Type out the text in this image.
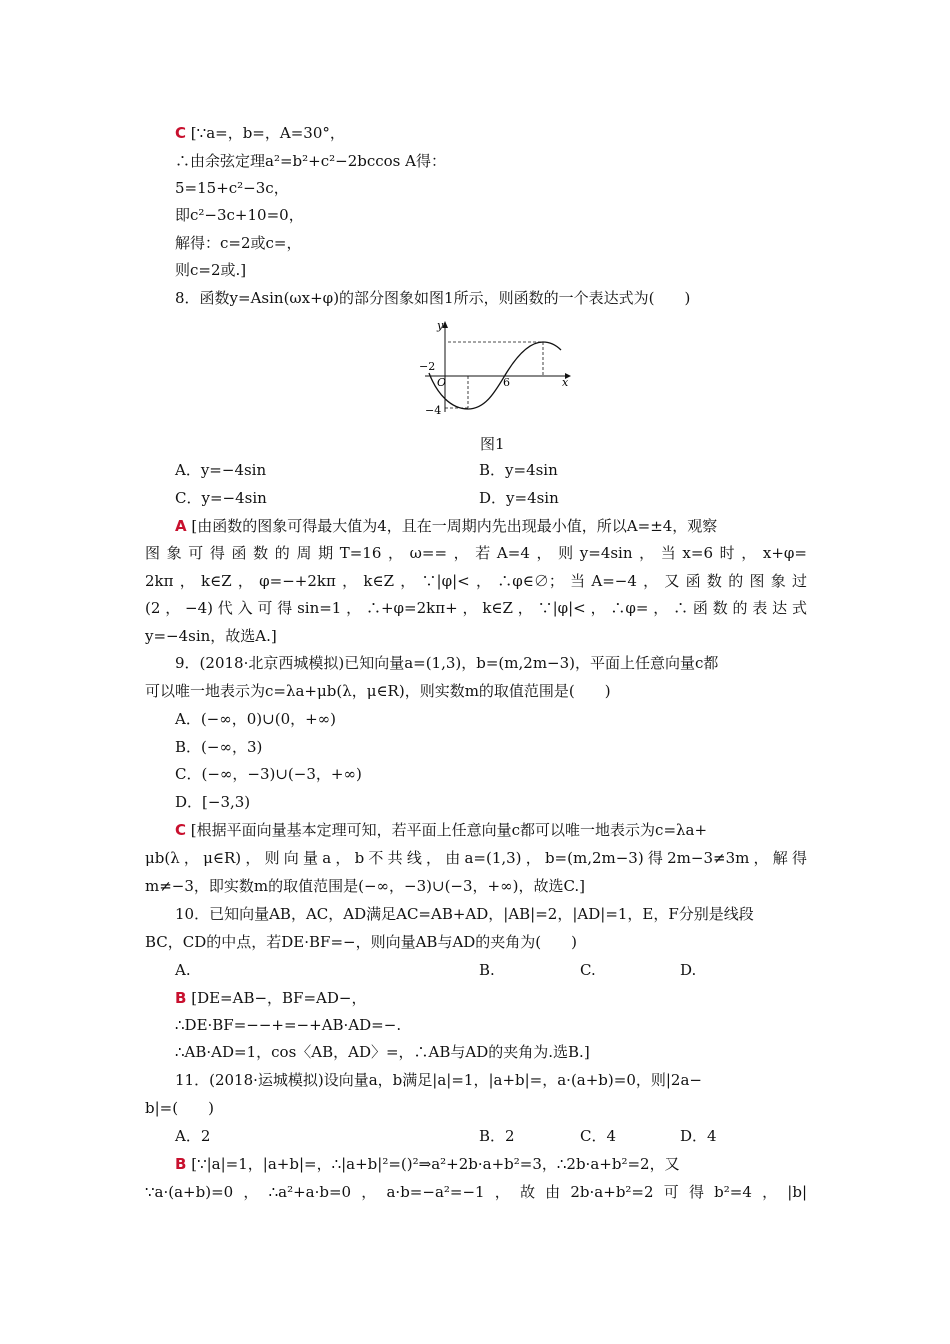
C [∵a=，b=，A=30°，
∴由余弦定理a²=b²+c²−2bccos A得：
5=15+c²−3c，
即c²−3c+10=0，
解得：c=2或c=，
则c=2或.]
8．函数y=Asin(ωx+φ)的部分图象如图1所示，则函数的一个表达式为(　　)
y
x
O
−2
6
−4
图1
A．y=−4sin	B．y=4sin
C．y=−4sin	D．y=4sin
A [由函数的图象可得最大值为4，且在一周期内先出现最小值，所以A=±4，观察
图象可得函数的周期T=16，ω==，若A=4，则y=4sin，当x=6时，x+φ=
2kπ，k∈Z，φ=−+2kπ，k∈Z，∵|φ|<，∴φ∈∅；当A=−4，又函数的图象过
(2，−4)代入可得sin=1，∴+φ=2kπ+，k∈Z，∵|φ|<，∴φ=，∴函数的表达式
y=−4sin，故选A.]
9．(2018·北京西城模拟)已知向量a=(1,3)，b=(m,2m−3)，平面上任意向量c都
可以唯一地表示为c=λa+μb(λ，μ∈R)，则实数m的取值范围是(　　)
A．(−∞，0)∪(0，+∞)
B．(−∞，3)
C．(−∞，−3)∪(−3，+∞)
D．[−3,3)
C [根据平面向量基本定理可知，若平面上任意向量c都可以唯一地表示为c=λa+
μb(λ，μ∈R)，则向量a，b不共线，由a=(1,3)，b=(m,2m−3)得2m−3≠3m，解得
m≠−3，即实数m的取值范围是(−∞，−3)∪(−3，+∞)，故选C.]
10．已知向量AB，AC，AD满足AC=AB+AD，|AB|=2，|AD|=1，E，F分别是线段
BC，CD的中点，若DE·BF=−，则向量AB与AD的夹角为(　　)
A.	B.	C.	D.
B [DE=AB−，BF=AD−，
∴DE·BF=−−+=−+AB·AD=−.
∴AB·AD=1，cos〈AB，AD〉=，∴AB与AD的夹角为.选B.]
11．(2018·运城模拟)设向量a，b满足|a|=1，|a+b|=，a·(a+b)=0，则|2a−
b|=(　　)
A．2	B．2	C．4	D．4
B [∵|a|=1，|a+b|=，∴|a+b|²=()²⇒a²+2b·a+b²=3，∴2b·a+b²=2，又
∵a·(a+b)=0，∴a²+a·b=0，a·b=−a²=−1，故由2b·a+b²=2可得b²=4，|b|
